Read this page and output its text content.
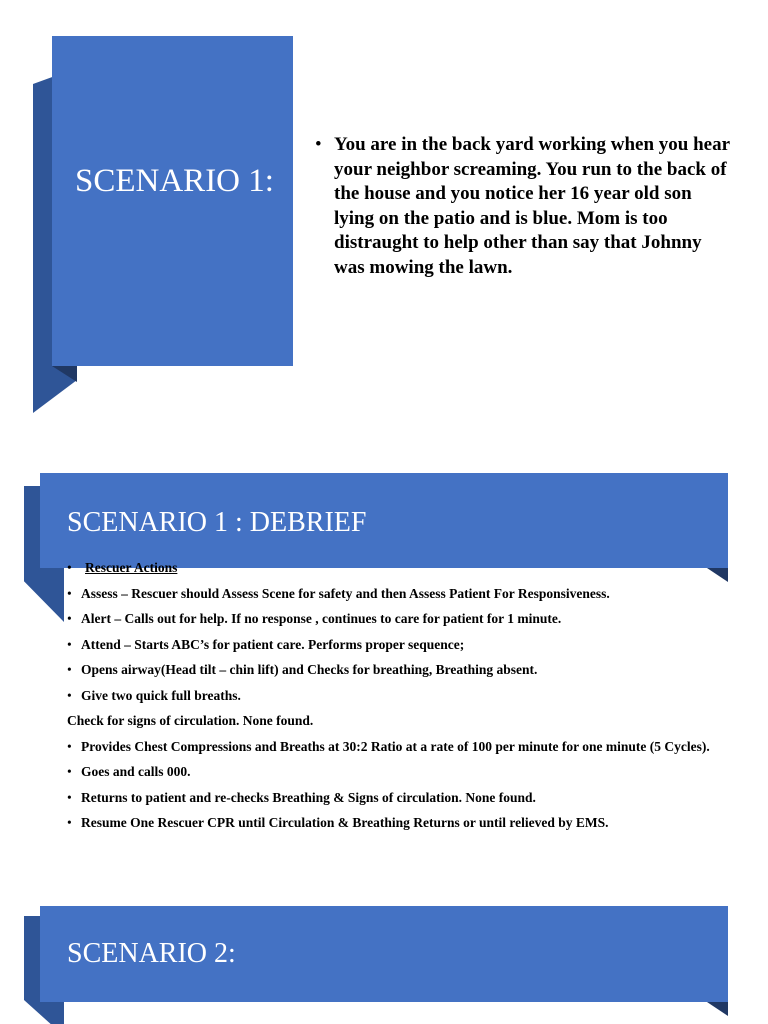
SCENARIO 1:
• You are in the back yard working when you hear your neighbor screaming. You run to the back of the house and you notice her 16 year old son lying on the patio and is blue. Mom is too distraught to help other than say that Johnny was mowing the lawn.
SCENARIO 1 : DEBRIEF
• Rescuer Actions
• Assess – Rescuer should Assess Scene for safety and then Assess Patient For Responsiveness.
• Alert – Calls out for help. If no response , continues to care for patient for 1 minute.
• Attend – Starts ABC’s for patient care. Performs proper sequence;
• Opens airway(Head tilt – chin lift) and Checks for breathing, Breathing absent.
• Give two quick full breaths.
Check for signs of circulation. None found.
• Provides Chest Compressions and Breaths at 30:2 Ratio at a rate of 100 per minute for one minute (5 Cycles).
• Goes and calls 000.
• Returns to patient and re-checks Breathing & Signs of circulation. None found.
• Resume One Rescuer CPR until Circulation & Breathing Returns or until relieved by EMS.
SCENARIO 2:
